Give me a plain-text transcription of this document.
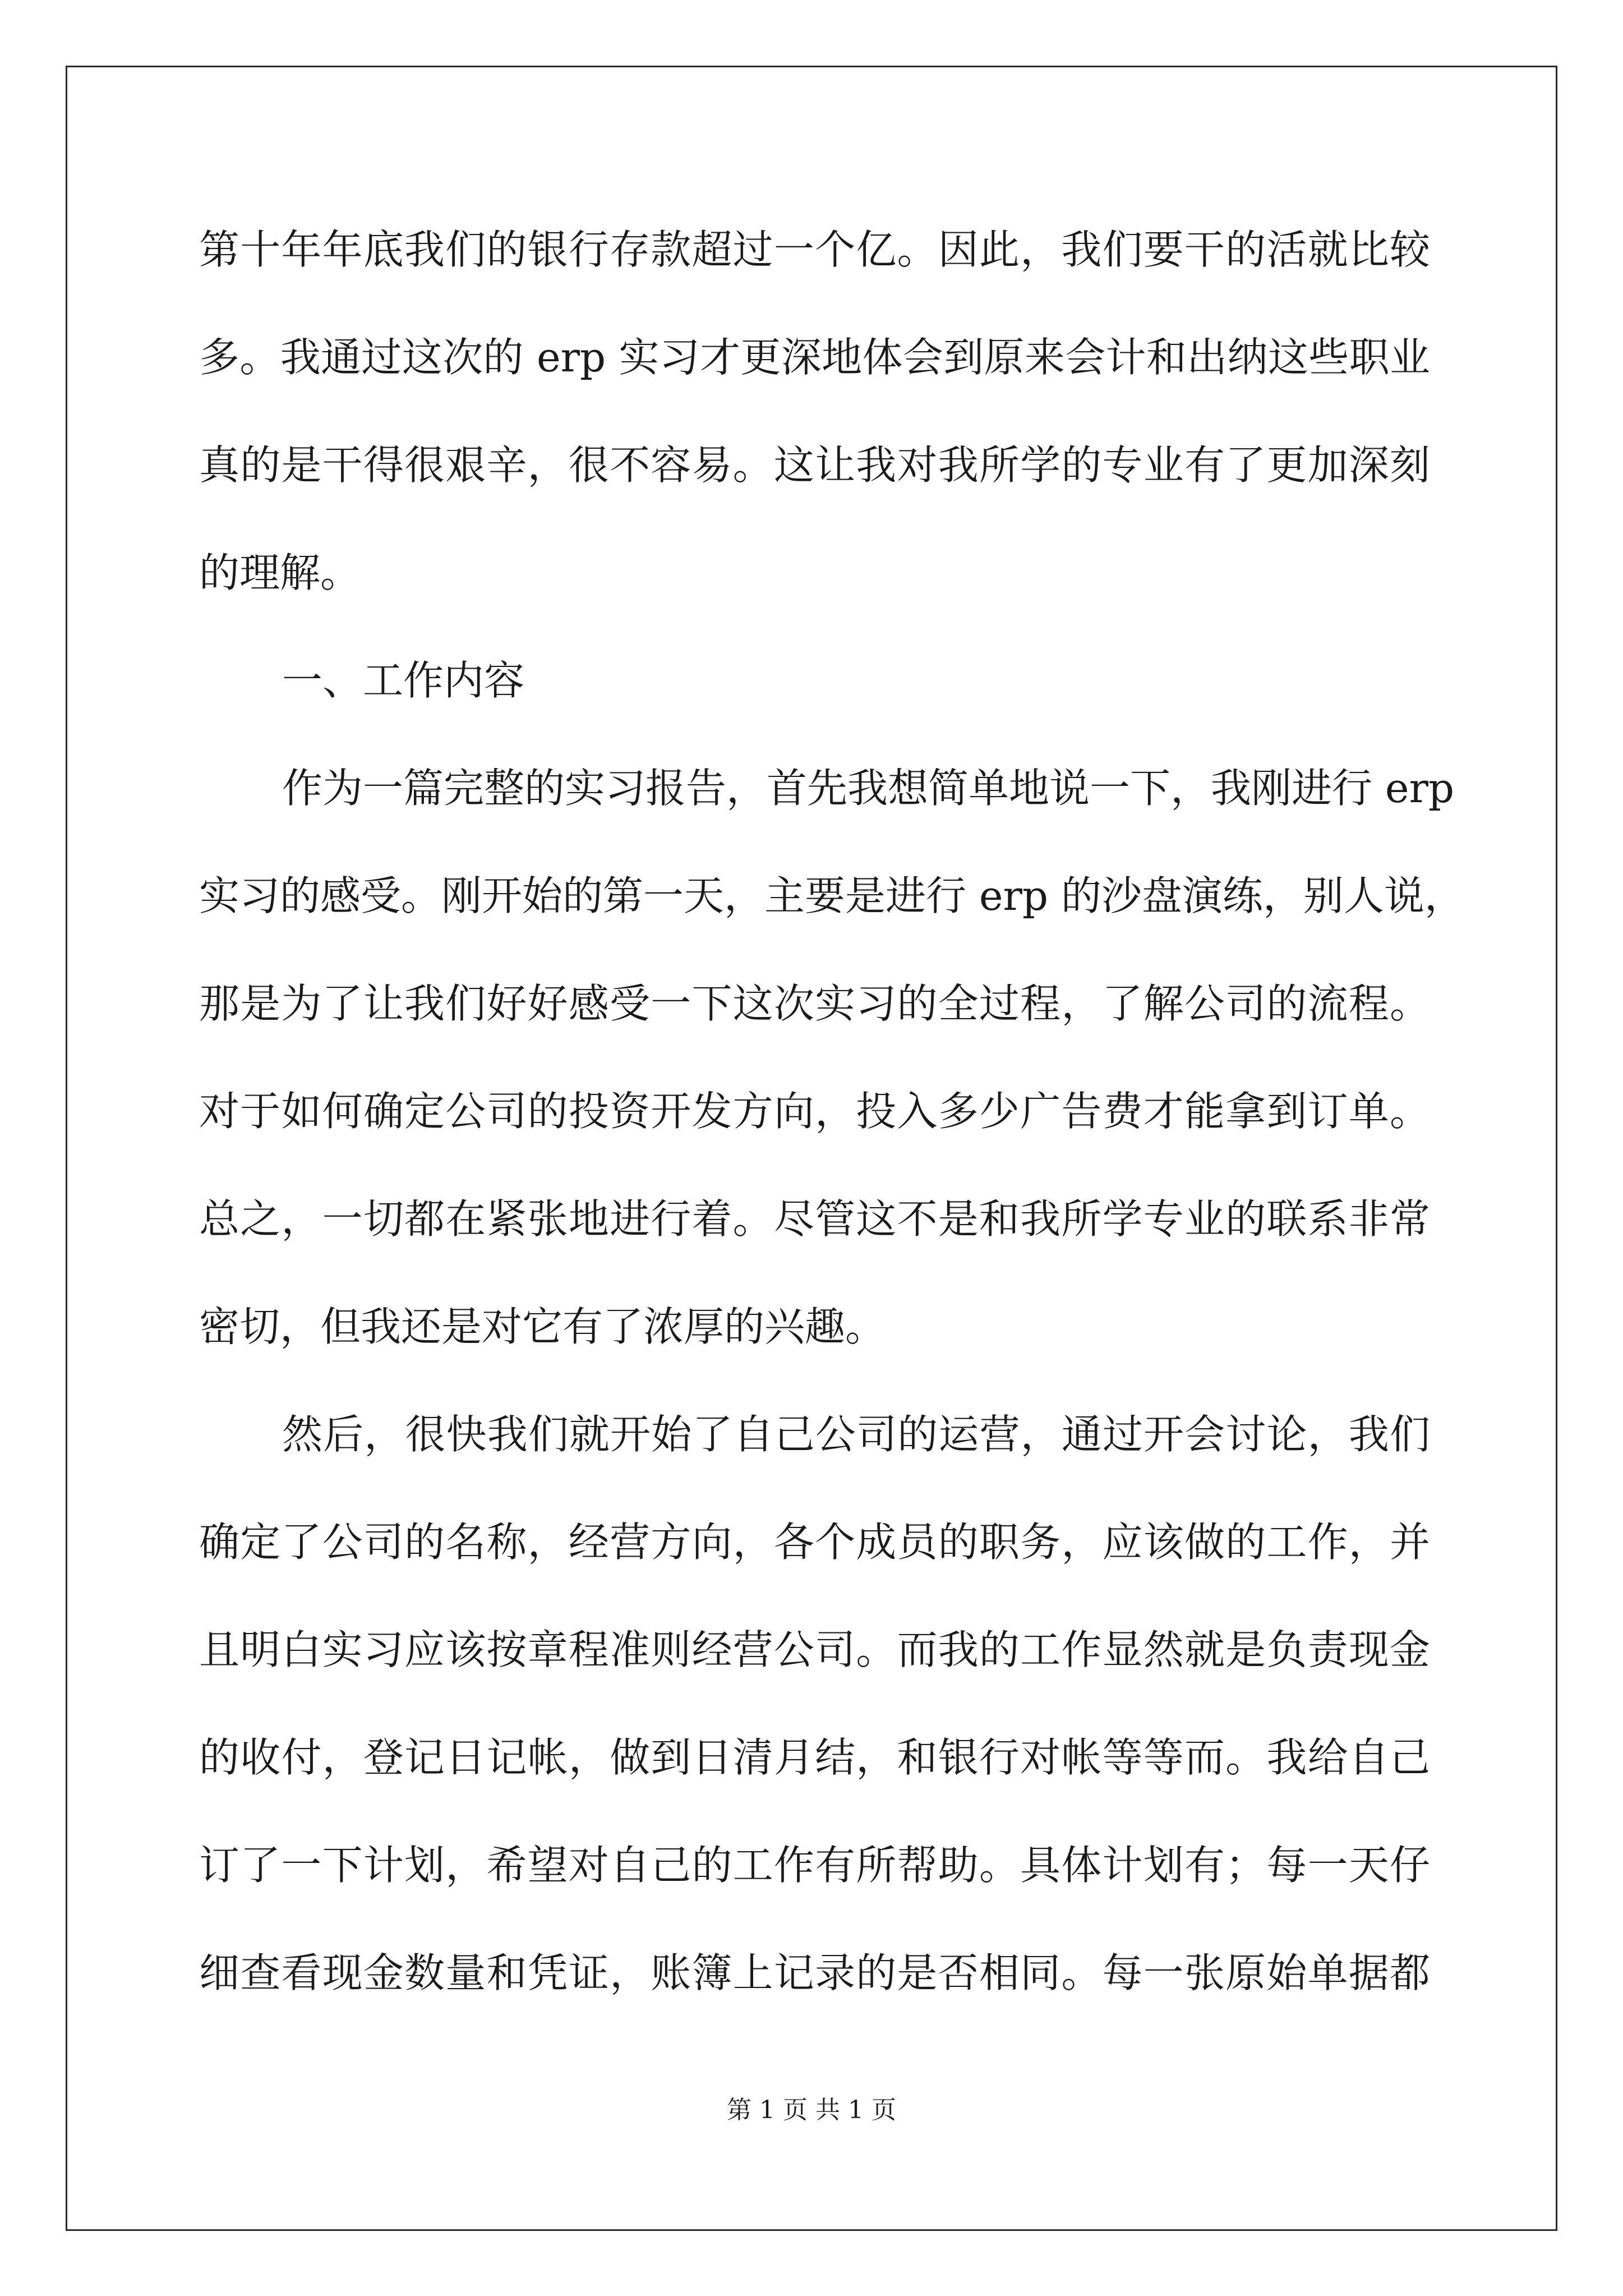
第十年年底我们的银行存款超过一个亿。因此，我们要干的活就比较
多。我通过这次的 erp 实习才更深地体会到原来会计和出纳这些职业
真的是干得很艰辛，很不容易。这让我对我所学的专业有了更加深刻
的理解。
一、工作内容
作为一篇完整的实习报告，首先我想简单地说一下，我刚进行 erp
实习的感受。刚开始的第一天，主要是进行 erp 的沙盘演练，别人说，
那是为了让我们好好感受一下这次实习的全过程，了解公司的流程。
对于如何确定公司的投资开发方向，投入多少广告费才能拿到订单。
总之，一切都在紧张地进行着。尽管这不是和我所学专业的联系非常
密切，但我还是对它有了浓厚的兴趣。
然后，很快我们就开始了自己公司的运营，通过开会讨论，我们
确定了公司的名称，经营方向，各个成员的职务，应该做的工作，并
且明白实习应该按章程准则经营公司。而我的工作显然就是负责现金
的收付，登记日记帐，做到日清月结，和银行对帐等等而。我给自己
订了一下计划，希望对自己的工作有所帮助。具体计划有；每一天仔
细查看现金数量和凭证，账簿上记录的是否相同。每一张原始单据都
第 1 页 共 1 页
